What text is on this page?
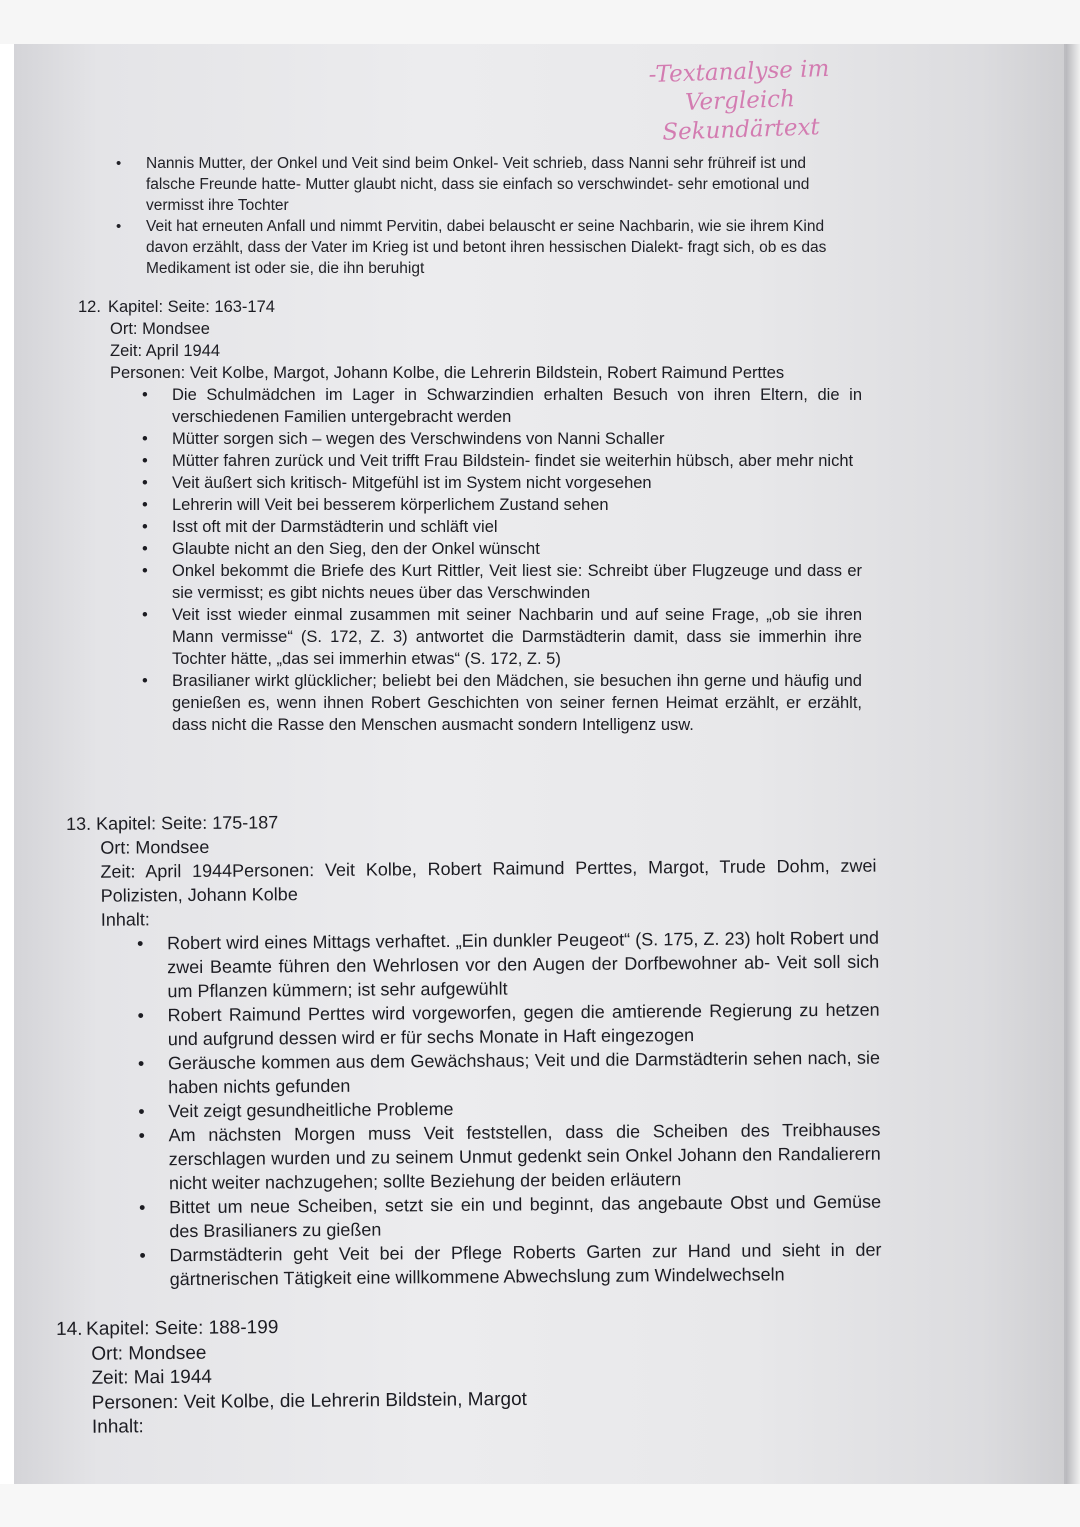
-Textanalyse im
Vergleich
Sekundärtext
• Nannis Mutter, der Onkel und Veit sind beim Onkel- Veit schrieb, dass Nanni sehr frühreif ist und falsche Freunde hatte- Mutter glaubt nicht, dass sie einfach so verschwindet- sehr emotional und vermisst ihre Tochter
• Veit hat erneuten Anfall und nimmt Pervitin, dabei belauscht er seine Nachbarin, wie sie ihrem Kind davon erzählt, dass der Vater im Krieg ist und betont ihren hessischen Dialekt- fragt sich, ob es das Medikament ist oder sie, die ihn beruhigt
12. Kapitel: Seite: 163-174
Ort: Mondsee
Zeit: April 1944
Personen: Veit Kolbe, Margot, Johann Kolbe, die Lehrerin Bildstein, Robert Raimund Perttes
• Die Schulmädchen im Lager in Schwarzindien erhalten Besuch von ihren Eltern, die in verschiedenen Familien untergebracht werden
• Mütter sorgen sich – wegen des Verschwindens von Nanni Schaller
• Mütter fahren zurück und Veit trifft Frau Bildstein- findet sie weiterhin hübsch, aber mehr nicht
• Veit äußert sich kritisch- Mitgefühl ist im System nicht vorgesehen
• Lehrerin will Veit bei besserem körperlichem Zustand sehen
• Isst oft mit der Darmstädterin und schläft viel
• Glaubte nicht an den Sieg, den der Onkel wünscht
• Onkel bekommt die Briefe des Kurt Rittler, Veit liest sie: Schreibt über Flugzeuge und dass er sie vermisst; es gibt nichts neues über das Verschwinden
• Veit isst wieder einmal zusammen mit seiner Nachbarin und auf seine Frage, „ob sie ihren Mann vermisse“ (S. 172, Z. 3) antwortet die Darmstädterin damit, dass sie immerhin ihre Tochter hätte, „das sei immerhin etwas“ (S. 172, Z. 5)
• Brasilianer wirkt glücklicher; beliebt bei den Mädchen, sie besuchen ihn gerne und häufig und genießen es, wenn ihnen Robert Geschichten von seiner fernen Heimat erzählt, er erzählt, dass nicht die Rasse den Menschen ausmacht sondern Intelligenz usw.
13. Kapitel: Seite: 175-187
Ort: Mondsee
Zeit: April 1944Personen: Veit Kolbe, Robert Raimund Perttes, Margot, Trude Dohm, zwei Polizisten, Johann Kolbe
Inhalt:
• Robert wird eines Mittags verhaftet. „Ein dunkler Peugeot“ (S. 175, Z. 23) holt Robert und zwei Beamte führen den Wehrlosen vor den Augen der Dorfbewohner ab- Veit soll sich um Pflanzen kümmern; ist sehr aufgewühlt
• Robert Raimund Perttes wird vorgeworfen, gegen die amtierende Regierung zu hetzen und aufgrund dessen wird er für sechs Monate in Haft eingezogen
• Geräusche kommen aus dem Gewächshaus; Veit und die Darmstädterin sehen nach, sie haben nichts gefunden
• Veit zeigt gesundheitliche Probleme
• Am nächsten Morgen muss Veit feststellen, dass die Scheiben des Treibhauses zerschlagen wurden und zu seinem Unmut gedenkt sein Onkel Johann den Randalierern nicht weiter nachzugehen; sollte Beziehung der beiden erläutern
• Bittet um neue Scheiben, setzt sie ein und beginnt, das angebaute Obst und Gemüse des Brasilianers zu gießen
• Darmstädterin geht Veit bei der Pflege Roberts Garten zur Hand und sieht in der gärtnerischen Tätigkeit eine willkommene Abwechslung zum Windelwechseln
14. Kapitel: Seite: 188-199
Ort: Mondsee
Zeit: Mai 1944
Personen: Veit Kolbe, die Lehrerin Bildstein, Margot
Inhalt:
